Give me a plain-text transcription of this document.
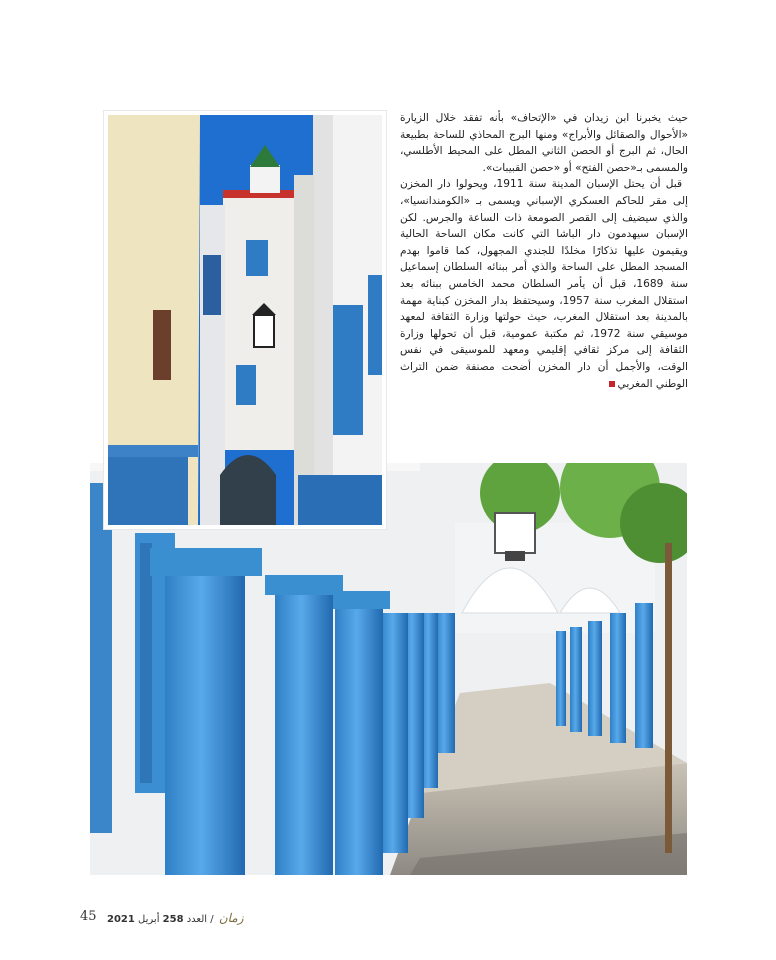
حيث يخبرنا ابن زيدان في «الإتحاف» بأنه تفقد خلال الزيارة «الأحوال والصقائل والأبراج» ومنها البرج المحاذي للساحة بطبيعة الحال، ثم البرج أو الحصن الثاني المطل على المحيط الأطلسي، والمسمى بـ«حصن الفتح» أو «حصن القبيبات».

قبل أن يحتل الإسبان المدينة سنة 1911، ويحولوا دار المخزن إلى مقر للحاكم العسكري الإسباني ويسمى بـ «الكومندانسيا»، والذي سيضيف إلى القصر الصومعة ذات الساعة والجرس. لكن الإسبان سيهدمون دار الباشا التي كانت مكان الساحة الحالية ويقيمون عليها تذكارًا مخلدًا للجندي المجهول، كما قاموا بهدم المسجد المطل على الساحة والذي أمر ببنائه السلطان إسماعيل سنة 1689، قبل أن يأمر السلطان محمد الخامس ببنائه بعد استقلال المغرب سنة 1957، وسيحتفظ بدار المخزن كبناية مهمة بالمدينة بعد استقلال المغرب، حيث حولتها وزارة الثقافة لمعهد موسيقي سنة 1972، ثم مكتبة عمومية، قبل أن تحولها وزارة الثقافة إلى مركز ثقافي إقليمي ومعهد للموسيقى في نفس الوقت، والأجمل أن دار المخزن أضحت مصنفة ضمن التراث الوطني المغربي

45	زمان / العدد 258 أبريل 2021
